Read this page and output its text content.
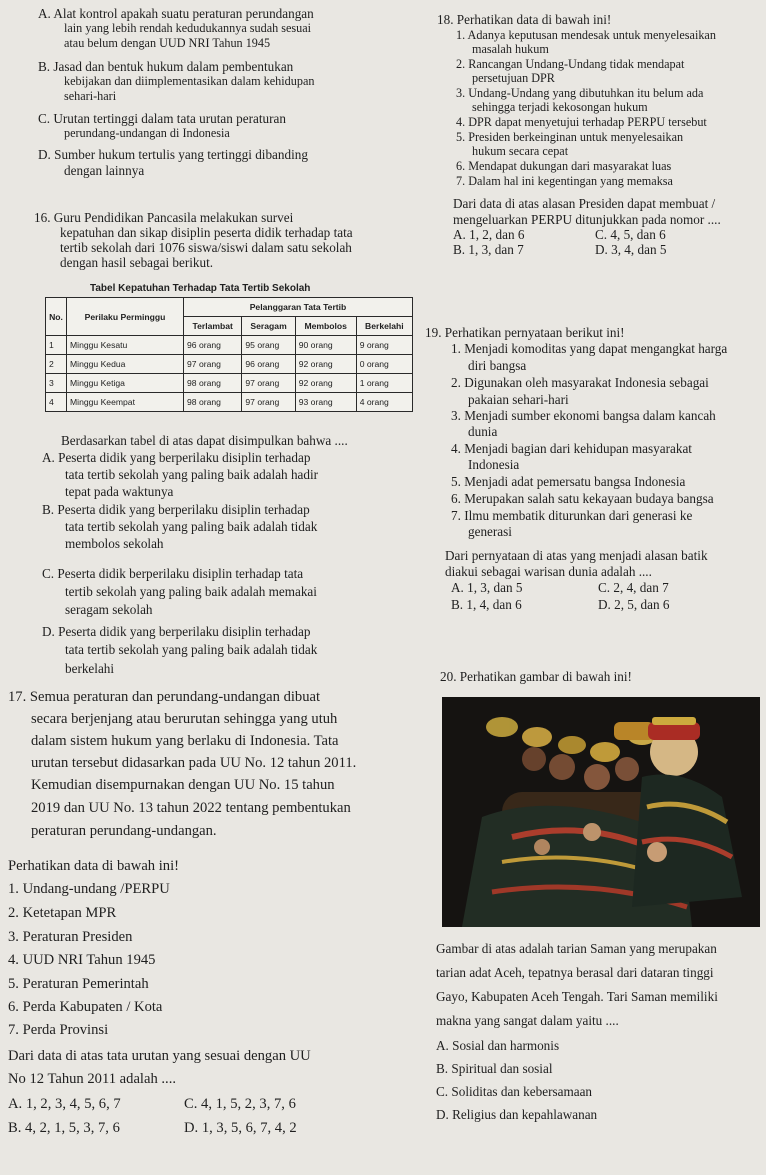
A. Alat kontrol apakah suatu peraturan perundangan
lain yang lebih rendah kedudukannya sudah sesuai
atau belum dengan UUD NRI Tahun 1945
B. Jasad dan bentuk hukum dalam pembentukan
kebijakan dan diimplementasikan dalam kehidupan
sehari-hari
C. Urutan tertinggi dalam tata urutan peraturan
perundang-undangan di Indonesia
D. Sumber hukum tertulis yang tertinggi dibanding
dengan lainnya
16. Guru Pendidikan Pancasila melakukan survei
kepatuhan dan sikap disiplin peserta didik terhadap tata
tertib sekolah dari 1076 siswa/siswi dalam satu sekolah
dengan hasil sebagai berikut.
Tabel Kepatuhan Terhadap Tata Tertib Sekolah
No.	Perilaku Perminggu	Pelanggaran Tata Tertib			
		Terlambat	Seragam	Membolos	Berkelahi
1	Minggu Kesatu	96 orang	95 orang	90 orang	9 orang
2	Minggu Kedua	97 orang	96 orang	92 orang	0 orang
3	Minggu Ketiga	98 orang	97 orang	92 orang	1 orang
4	Minggu Keempat	98 orang	97 orang	93 orang	4 orang
Berdasarkan tabel di atas dapat disimpulkan bahwa ....
A. Peserta didik yang berperilaku disiplin terhadap
tata tertib sekolah yang paling baik adalah hadir
tepat pada waktunya
B. Peserta didik yang berperilaku disiplin terhadap
tata tertib sekolah yang paling baik adalah tidak
membolos sekolah
C. Peserta didik berperilaku disiplin terhadap tata
tertib sekolah yang paling baik adalah memakai
seragam sekolah
D. Peserta didik yang berperilaku disiplin terhadap
tata tertib sekolah yang paling baik adalah tidak
berkelahi
17. Semua peraturan dan perundang-undangan dibuat
secara berjenjang atau berurutan sehingga yang utuh
dalam sistem hukum yang berlaku di Indonesia. Tata
urutan tersebut didasarkan pada UU No. 12 tahun 2011.
Kemudian disempurnakan dengan UU No. 15 tahun
2019 dan UU No. 13 tahun 2022 tentang pembentukan
peraturan perundang-undangan.
Perhatikan data di bawah ini!
1. Undang-undang /PERPU
2. Ketetapan MPR
3. Peraturan Presiden
4. UUD NRI Tahun 1945
5. Peraturan Pemerintah
6. Perda Kabupaten / Kota
7. Perda Provinsi
Dari data di atas tata urutan yang sesuai dengan UU
No 12 Tahun 2011 adalah ....
A. 1, 2, 3, 4, 5, 6, 7	C. 4, 1, 5, 2, 3, 7, 6
B. 4, 2, 1, 5, 3, 7, 6	D. 1, 3, 5, 6, 7, 4, 2
18. Perhatikan data di bawah ini!
1. Adanya keputusan mendesak untuk menyelesaikan
masalah hukum
2. Rancangan Undang-Undang tidak mendapat
persetujuan DPR
3. Undang-Undang yang dibutuhkan itu belum ada
sehingga terjadi kekosongan hukum
4. DPR dapat menyetujui terhadap PERPU tersebut
5. Presiden berkeinginan untuk menyelesaikan
hukum secara cepat
6. Mendapat dukungan dari masyarakat luas
7. Dalam hal ini kegentingan yang memaksa
Dari data di atas alasan Presiden dapat membuat /
mengeluarkan PERPU ditunjukkan pada nomor ....
A. 1, 2, dan 6	C. 4, 5, dan 6
B. 1, 3, dan 7	D. 3, 4, dan 5
19. Perhatikan pernyataan berikut ini!
1. Menjadi komoditas yang dapat mengangkat harga
diri bangsa
2. Digunakan oleh masyarakat Indonesia sebagai
pakaian sehari-hari
3. Menjadi sumber ekonomi bangsa dalam kancah
dunia
4. Menjadi bagian dari kehidupan masyarakat
Indonesia
5. Menjadi adat pemersatu bangsa Indonesia
6. Merupakan salah satu kekayaan budaya bangsa
7. Ilmu membatik diturunkan dari generasi ke
generasi
Dari pernyataan di atas yang menjadi alasan batik
diakui sebagai warisan dunia adalah ....
A. 1, 3, dan 5	C. 2, 4, dan 7
B. 1, 4, dan 6	D. 2, 5, dan 6
20. Perhatikan gambar di bawah ini!
Gambar di atas adalah tarian Saman yang merupakan
tarian adat Aceh, tepatnya berasal dari dataran tinggi
Gayo, Kabupaten Aceh Tengah. Tari Saman memiliki
makna yang sangat dalam yaitu ....
A. Sosial dan harmonis
B. Spiritual dan sosial
C. Soliditas dan kebersamaan
D. Religius dan kepahlawanan
